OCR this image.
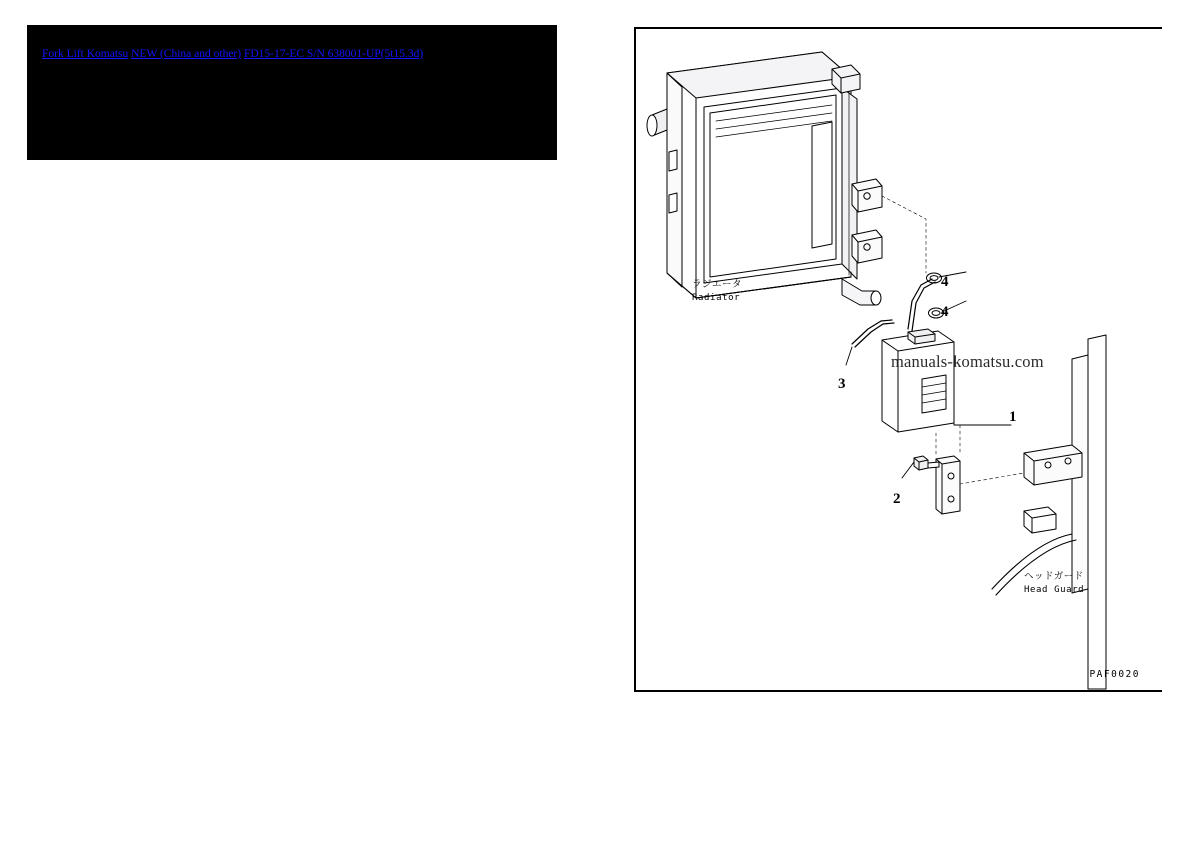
Fork Lift Komatsu NEW (China and other) FD15-17-EC S/N 638001-UP(5t15.3d)
4
4
3
1
2
ラジエータ
Radiator
ヘッドガード
Head Guard
manuals-komatsu.com
PAF0020
